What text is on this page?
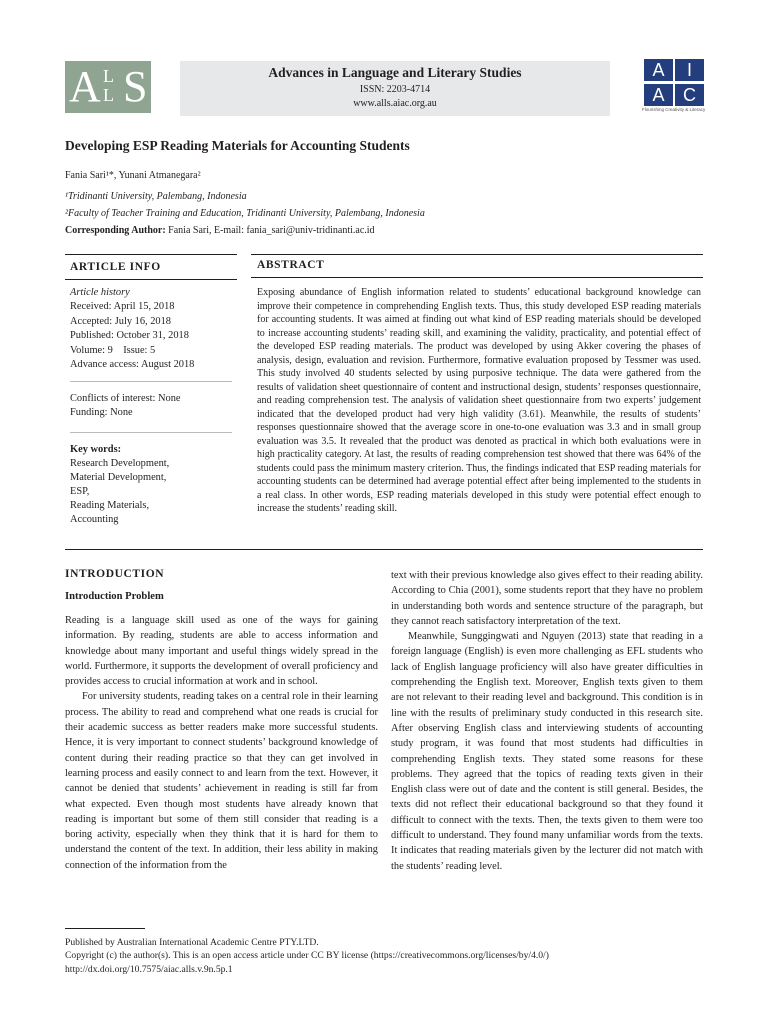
A L
L S	Advances in Language and Literary Studies
ISSN: 2203-4714
www.alls.aiac.org.au
A	I
A	C
Flourishing Creativity & Literacy
Developing ESP Reading Materials for Accounting Students
Fania Sari¹*, Yunani Atmanegara²
¹Tridinanti University, Palembang, Indonesia
²Faculty of Teacher Training and Education, Tridinanti University, Palembang, Indonesia
Corresponding Author: Fania Sari, E-mail: fania_sari@univ-tridinanti.ac.id
ARTICLE INFO	ABSTRACT
Article history
Received: April 15, 2018
Accepted: July 16, 2018
Published: October 31, 2018
Volume: 9    Issue: 5
Advance access: August 2018
Conflicts of interest: None
Funding: None
Key words:
Research Development,
Material Development,
ESP,
Reading Materials,
Accounting
Exposing abundance of English information related to students’ educational background knowledge can improve their competence in comprehending English texts. Thus, this study developed ESP reading materials for accounting students. It was aimed at finding out what kind of ESP reading materials should be developed to increase accounting students’ reading skill, and examining the validity, practicality, and potential effect of the developed ESP reading materials. The product was developed by using Akker covering the phases of analysis, design, evaluation and revision. Furthermore, formative evaluation proposed by Tessmer was used. This study involved 40 students selected by using purposive technique. The data were gathered from the results of validation sheet questionnaire of content and instructional design, students’ responses questionnaire, and reading comprehension test. The analysis of validation sheet questionnaire from two experts’ judgement indicated that the developed product had very high validity (3.61). Meanwhile, the results of students’ responses questionnaire showed that the average score in one-to-one evaluation was 3.3 and in small group evaluation was 3.5. It revealed that the product was denoted as practical in which both evaluations were in high practicality category. At last, the results of reading comprehension test showed that there was 64% of the students could pass the minimum mastery criterion. Thus, the findings indicated that ESP reading materials for accounting students can be determined had average potential effect after being implemented to the students in a real class. In other words, ESP reading materials developed in this study were potential effect enough to increase the students’ reading skill.
INTRODUCTION
Introduction Problem

Reading is a language skill used as one of the ways for gaining information. By reading, students are able to access information and knowledge about many important and useful things widely spread in the world. Furthermore, it supports the development of overall proficiency and provides access to crucial information at work and in school.

For university students, reading takes on a central role in their learning process. The ability to read and comprehend what one reads is crucial for their academic success as better readers make more successful students. Hence, it is very important to connect students’ background knowledge of content during their reading practice so that they can get involved in learning process and easily connect to and learn from the text. However, it cannot be denied that students’ achievement in reading is still far from what expected. Even though most students have already known that reading is important but some of them still consider that reading is a boring activity, especially when they think that it is hard for them to understand the content of the text. In addition, their less ability in making connection of the information from the

text with their previous knowledge also gives effect to their reading ability. According to Chia (2001), some students report that they have no problem in understanding both words and sentence structure of the paragraph, but they cannot reach satisfactory interpretation of the text.

Meanwhile, Sunggingwati and Nguyen (2013) state that reading in a foreign language (English) is even more challenging as EFL students who lack of English language proficiency will also have greater difficulties in comprehending the English text. Moreover, English texts given to them are not relevant to their reading level and background. This condition is in line with the results of preliminary study conducted in this research site. After observing English class and interviewing students of accounting study program, it was found that most students had difficulties in comprehending English texts. They stated some reasons for these problems. They agreed that the topics of reading texts given in their English class were out of date and the content is still general. Besides, the texts did not reflect their educational background so that they found it difficult to connect with the texts. Then, the texts given to them were too difficult to understand. They found many unfamiliar words from the texts. It indicates that reading materials given by the lecturer did not match with the students’ reading level.

Published by Australian International Academic Centre PTY.LTD.
Copyright (c) the author(s). This is an open access article under CC BY license (https://creativecommons.org/licenses/by/4.0/)
http://dx.doi.org/10.7575/aiac.alls.v.9n.5p.1
